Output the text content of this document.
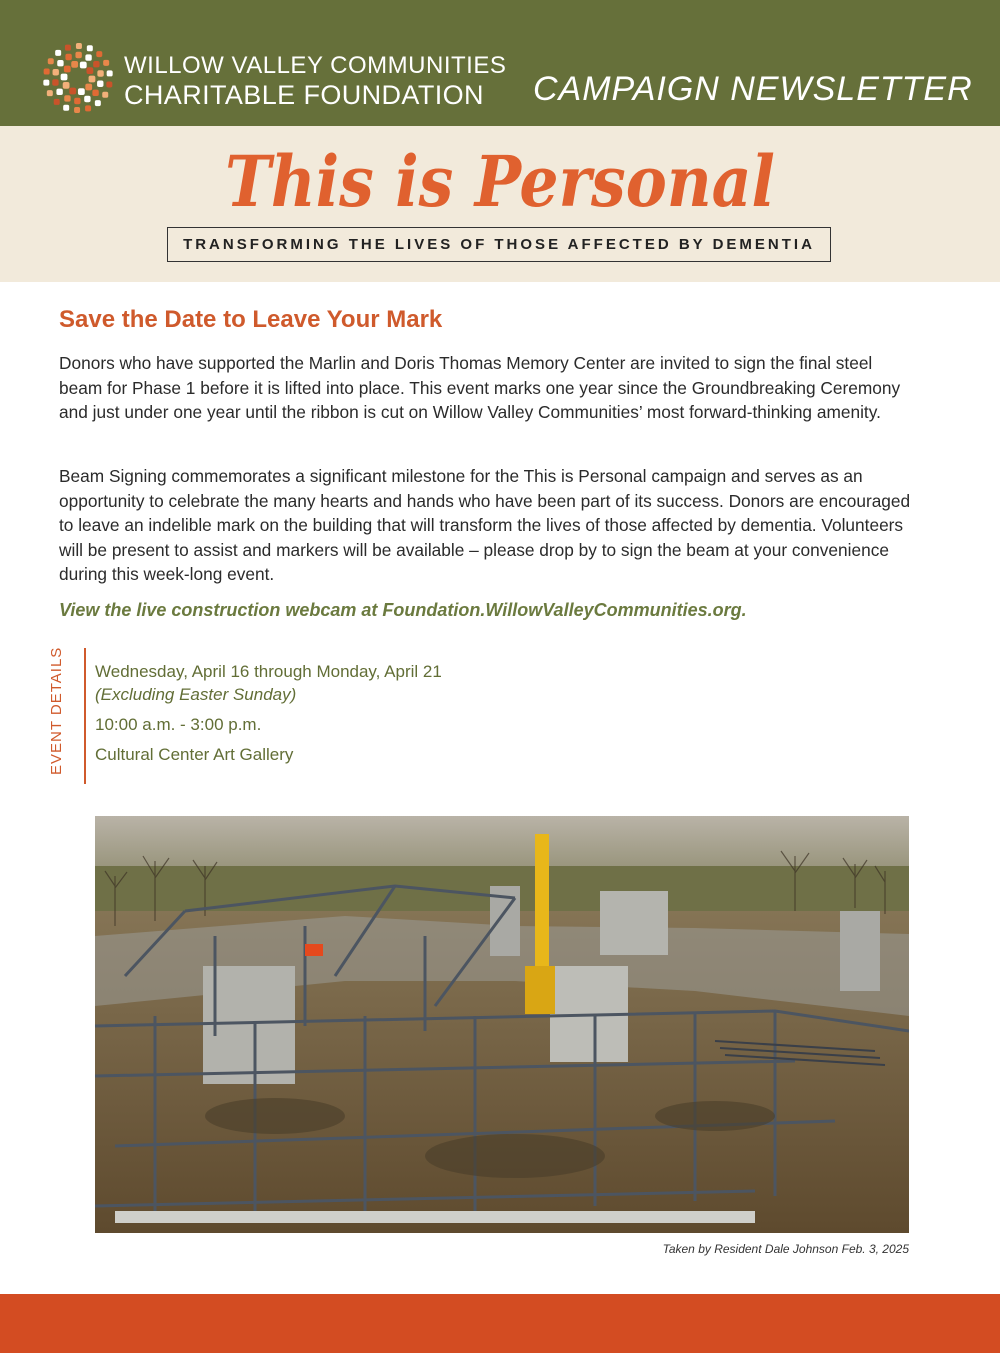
WILLOW VALLEY COMMUNITIES
CHARITABLE FOUNDATION CAMPAIGN NEWSLETTER
This is Personal
TRANSFORMING THE LIVES OF THOSE AFFECTED BY DEMENTIA
Save the Date to Leave Your Mark

Donors who have supported the Marlin and Doris Thomas Memory Center are invited to sign the final steel beam for Phase 1 before it is lifted into place. This event marks one year since the Groundbreaking Ceremony and just under one year until the ribbon is cut on Willow Valley Communities’ most forward-thinking amenity.

Beam Signing commemorates a significant milestone for the This is Personal campaign and serves as an opportunity to celebrate the many hearts and hands who have been part of its success. Donors are encouraged to leave an indelible mark on the building that will transform the lives of those affected by dementia. Volunteers will be present to assist and markers will be available – please drop by to sign the beam at your convenience during this week-long event.

View the live construction webcam at Foundation.WillowValleyCommunities.org.
EVENT DETAILS Wednesday, April 16 through Monday, April 21
(Excluding Easter Sunday)
10:00 a.m. - 3:00 p.m.
Cultural Center Art Gallery
Taken by Resident Dale Johnson Feb. 3, 2025
